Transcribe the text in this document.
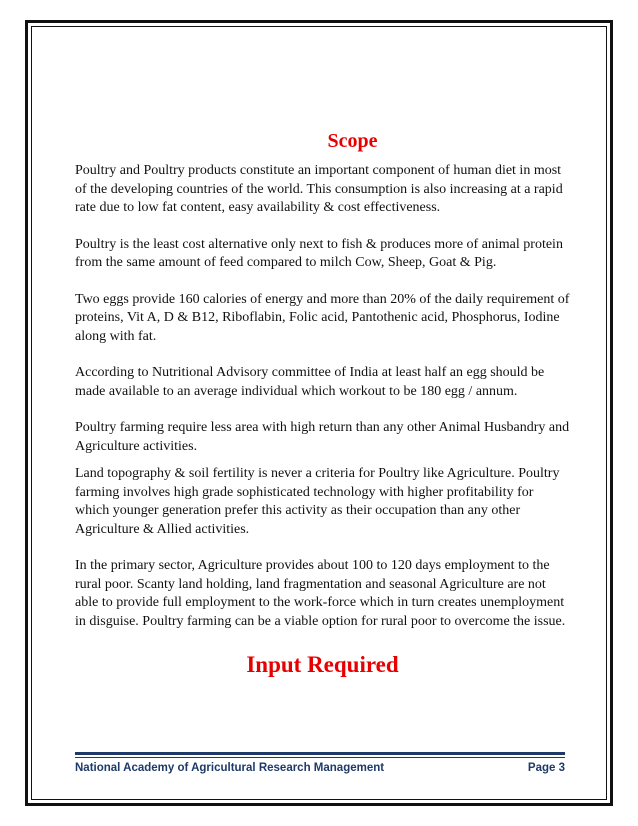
Scope

Poultry and Poultry products constitute an important component of human diet in most of the developing countries of the world. This consumption is also increasing at a rapid rate due to low fat content, easy availability & cost effectiveness.

Poultry is the least cost alternative only next to fish & produces more of animal protein from the same amount of feed compared to milch Cow, Sheep, Goat & Pig.

Two eggs provide 160 calories of energy and more than 20% of the daily requirement of proteins, Vit A, D & B12, Riboflabin, Folic acid, Pantothenic acid, Phosphorus, Iodine along with fat.

According to Nutritional Advisory committee of India at least half an egg should be made available to an average individual which workout to be 180 egg / annum.

Poultry farming require less area with high return than any other Animal Husbandry and Agriculture activities.

Land topography & soil fertility is never a criteria for Poultry like Agriculture. Poultry farming involves high grade sophisticated technology with higher profitability for which younger generation prefer this activity as their occupation than any other Agriculture & Allied activities.

In the primary sector, Agriculture provides about 100 to 120 days employment to the rural poor. Scanty land holding, land fragmentation and seasonal Agriculture are not able to provide full employment to the work-force which in turn creates unemployment in disguise. Poultry farming can be a viable option for rural poor to overcome the issue.

Input Required
National Academy of Agricultural Research Management	Page 3
